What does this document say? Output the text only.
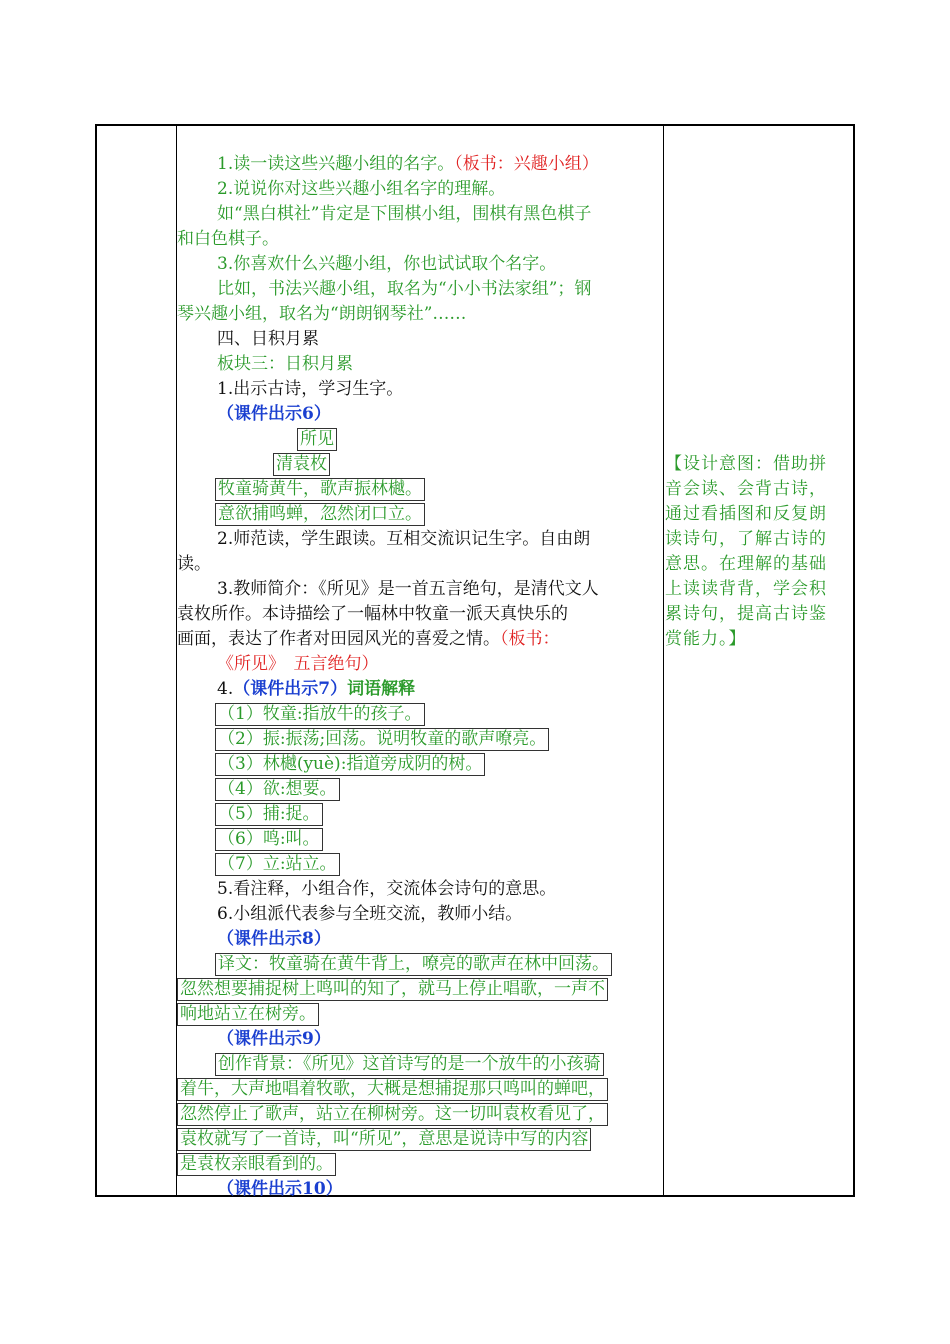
1.读一读这些兴趣小组的名字。（板书：兴趣小组）
2.说说你对这些兴趣小组名字的理解。
如“黑白棋社”肯定是下围棋小组，围棋有黑色棋子
和白色棋子。
3.你喜欢什么兴趣小组，你也试试取个名字。
比如，书法兴趣小组，取名为“小小书法家组”；钢
琴兴趣小组，取名为“朗朗钢琴社”……
四、日积月累
板块三：日积月累
1.出示古诗，学习生字。
（课件出示6）
所见
清袁枚
牧童骑黄牛，歌声振林樾。
意欲捕鸣蝉，忽然闭口立。
2.师范读，学生跟读。互相交流识记生字。自由朗
读。
3.教师简介：《所见》是一首五言绝句，是清代文人
袁枚所作。本诗描绘了一幅林中牧童一派天真快乐的
画面，表达了作者对田园风光的喜爱之情。（板书：
《所见》　五言绝句）
4.（课件出示7）词语解释
（1）牧童:指放牛的孩子。
（2）振:振荡;回荡。说明牧童的歌声嘹亮。
（3）林樾(yuè):指道旁成阴的树。
（4）欲:想要。
（5）捕:捉。
（6）鸣:叫。
（7）立:站立。
5.看注释，小组合作，交流体会诗句的意思。
6.小组派代表参与全班交流，教师小结。
（课件出示8）
译文：牧童骑在黄牛背上，嘹亮的歌声在林中回荡。
忽然想要捕捉树上鸣叫的知了，就马上停止唱歌，一声不
响地站立在树旁。
（课件出示9）
创作背景：《所见》这首诗写的是一个放牛的小孩骑
着牛，大声地唱着牧歌，大概是想捕捉那只鸣叫的蝉吧，
忽然停止了歌声，站立在柳树旁。这一切叫袁枚看见了，
袁枚就写了一首诗，叫“所见”，意思是说诗中写的内容
是袁枚亲眼看到的。
（课件出示10）
【设计意图：借助拼
音会读、会背古诗，
通过看插图和反复朗
读诗句，了解古诗的
意思。在理解的基础
上读读背背，学会积
累诗句，提高古诗鉴
赏能力。】
